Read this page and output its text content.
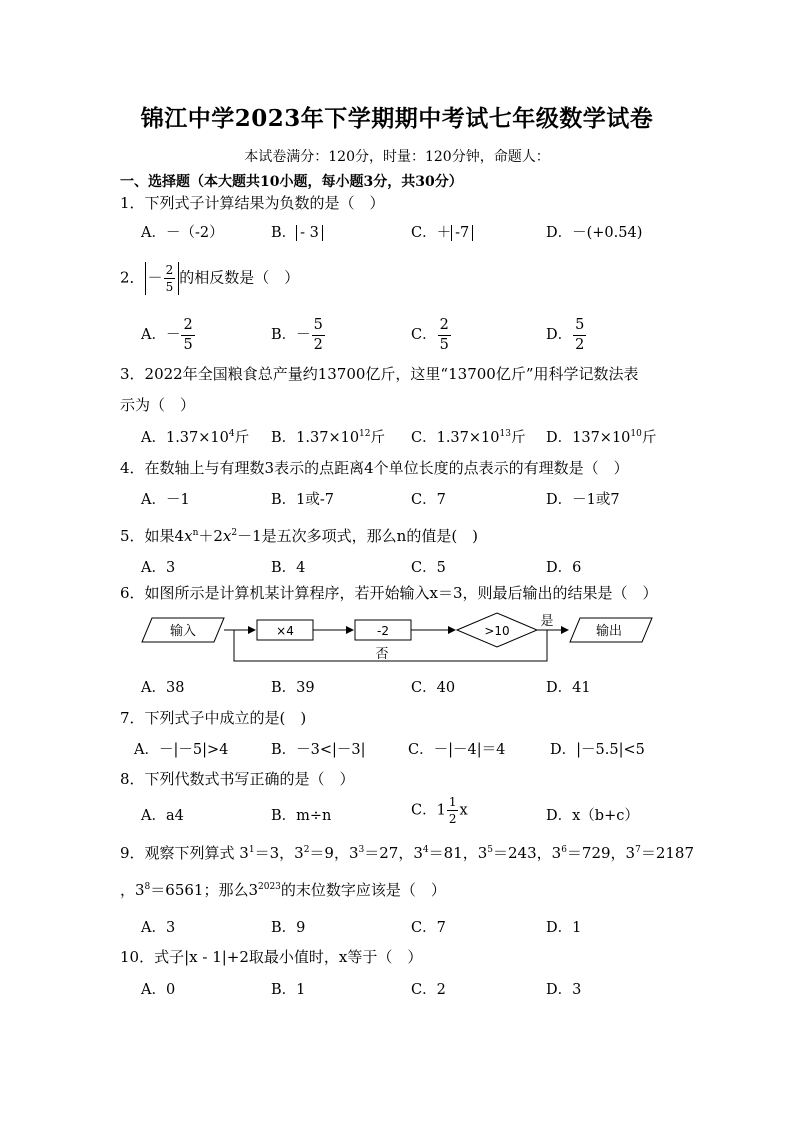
锦江中学2023年下学期期中考试七年级数学试卷
本试卷满分：120分，时量：120分钟，命题人：
一、选择题（本大题共10小题，每小题3分，共30分）
1．下列式子计算结果为负数的是（　）
A．－（-2）	B． - 3	C．＋ -7	D．－(+0.54)
2． － $\frac{2}{5}$ 的相反数是（　）
A．－ $\frac{2}{5}$	B．－ $\frac{5}{2}$	C． $\frac{2}{5}$	D． $\frac{5}{2}$
3．2022年全国粮食总产量约13700亿斤，这里“13700亿斤”用科学记数法表
示为（　）
A．$1.37\times 10^4$斤 B．$1.37\times 10^{12}$斤 C．$1.37\times 10^{13}$斤 D．$137\times 10^{10}$斤
4．在数轴上与有理数3表示的点距离4个单位长度的点表示的有理数是（　）
A．－1	B．1或-7	C．7	D．－1或7
5．如果$4x^n+2x^2-1$是五次多项式，那么n的值是(　)
A．3	B．4	C．5	D．6
6．如图所示是计算机某计算程序，若开始输入x＝3，则最后输出的结果是（　）
输入	×4	-2	>10
是
输出
否
A．38	B．39	C．40	D．41
7．下列式子中成立的是(　)
A．－|－5|>4	B．－3<|－3|	C．－|－4|＝4	D．|－5.5|<5
8．下列代数式书写正确的是（　）
A．a4	B．m÷n	C．$1 \frac{1}{2}$ x	D．x（b+c）
9．观察下列算式 $3^1=3$，$3^2=9$，$3^3=27$，$3^4=81$，$3^5=243$，$3^6=729$，$3^7=2187$
，$3^8=6561$；那么$3^{2023}$的末位数字应该是（　）
A．3	B．9	C．7	D．1
10．式子|x - 1|+2取最小值时，x等于（　）
A．0	B．1	C．2	D．3
